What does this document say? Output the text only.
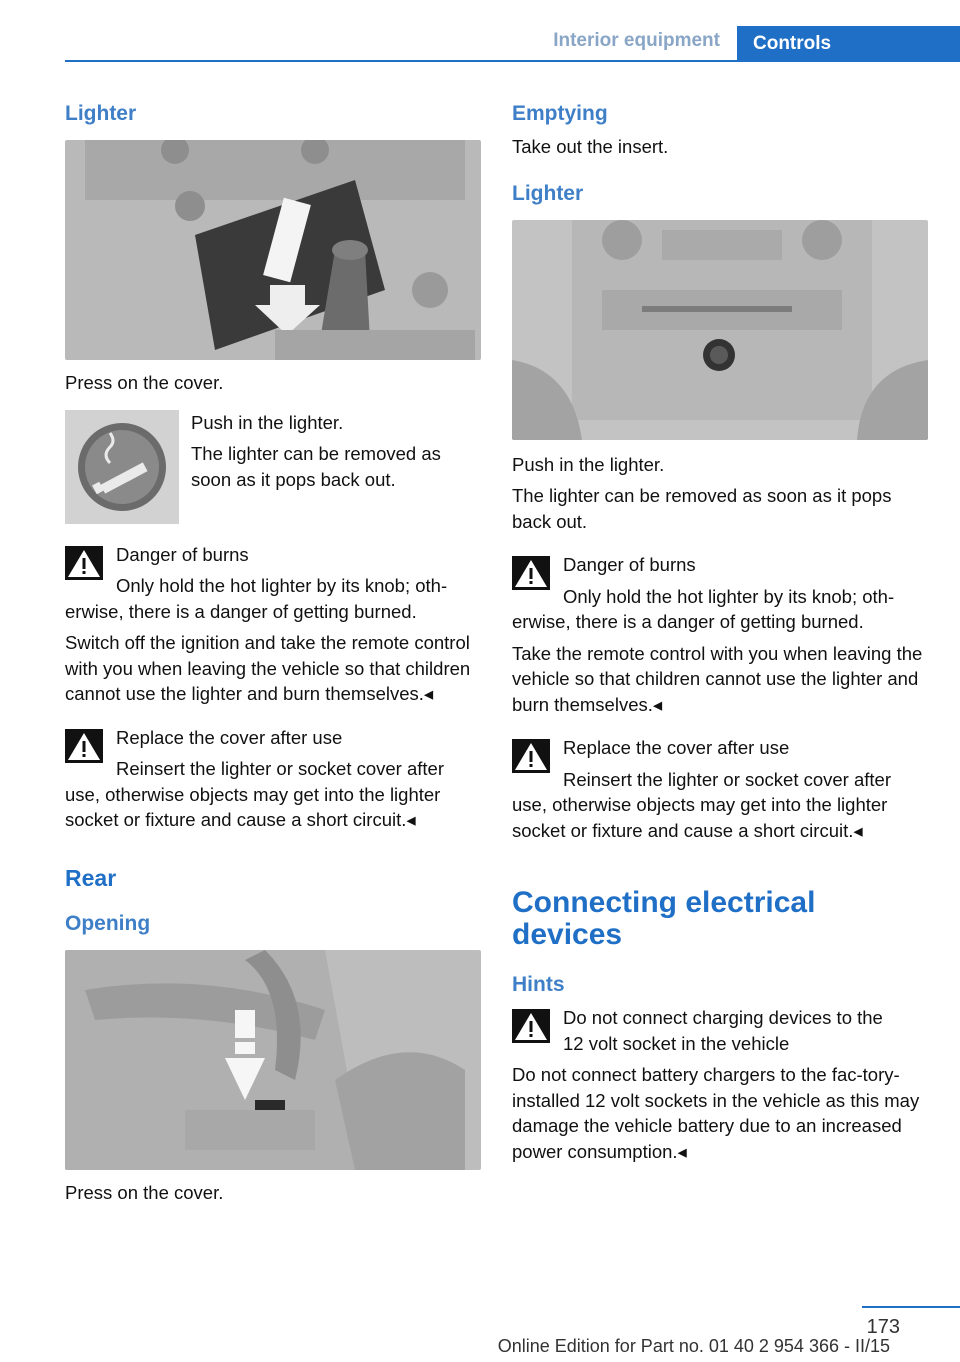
Interior equipment	Controls
Lighter

Press on the cover.

Push in the lighter.

The lighter can be removed as soon as it pops back out.

Danger of burns
Only hold the hot lighter by its knob; oth-
erwise, there is a danger of getting burned.

Switch off the ignition and take the remote control with you when leaving the vehicle so that children cannot use the lighter and burn themselves.◂

Replace the cover after use
Reinsert the lighter or socket cover after
use, otherwise objects may get into the lighter socket or fixture and cause a short circuit.◂
Rear
Opening

Press on the cover.

Emptying

Take out the insert.

Lighter

Push in the lighter.

The lighter can be removed as soon as it pops back out.

Danger of burns
Only hold the hot lighter by its knob; oth-
erwise, there is a danger of getting burned.

Take the remote control with you when leaving the vehicle so that children cannot use the lighter and burn themselves.◂

Replace the cover after use
Reinsert the lighter or socket cover after
use, otherwise objects may get into the lighter socket or fixture and cause a short circuit.◂
Connecting electrical devices
Hints
Do not connect charging devices to the
12 volt socket in the vehicle

Do not connect battery chargers to the fac-tory-installed 12 volt sockets in the vehicle as this may damage the vehicle battery due to an increased power consumption.◂

173
Online Edition for Part no. 01 40 2 954 366 - II/15
